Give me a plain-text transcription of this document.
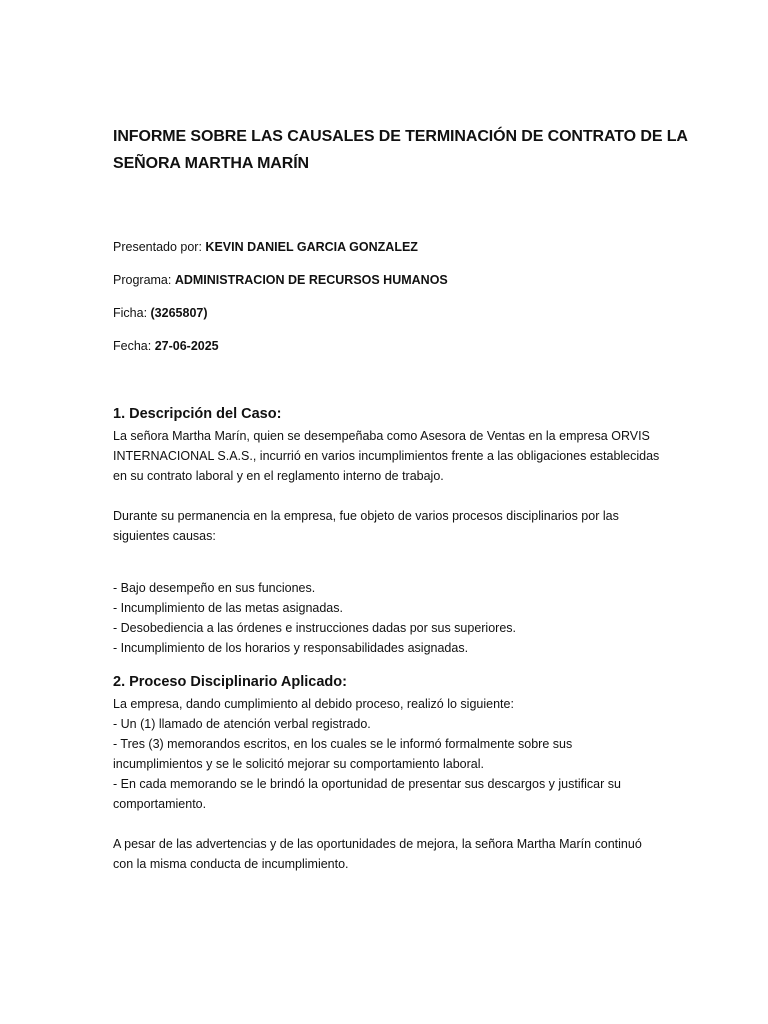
INFORME SOBRE LAS CAUSALES DE TERMINACIÓN DE CONTRATO DE LA
SEÑORA MARTHA MARÍN
Presentado por: KEVIN DANIEL GARCIA GONZALEZ
Programa: ADMINISTRACION DE RECURSOS HUMANOS
Ficha: (3265807)
Fecha: 27-06-2025
1. Descripción del Caso:
La señora Martha Marín, quien se desempeñaba como Asesora de Ventas en la empresa ORVIS
INTERNACIONAL S.A.S., incurrió en varios incumplimientos frente a las obligaciones establecidas
en su contrato laboral y en el reglamento interno de trabajo.
Durante su permanencia en la empresa, fue objeto de varios procesos disciplinarios por las
siguientes causas:
- Bajo desempeño en sus funciones.
- Incumplimiento de las metas asignadas.
- Desobediencia a las órdenes e instrucciones dadas por sus superiores.
- Incumplimiento de los horarios y responsabilidades asignadas.
2. Proceso Disciplinario Aplicado:
La empresa, dando cumplimiento al debido proceso, realizó lo siguiente:
- Un (1) llamado de atención verbal registrado.
- Tres (3) memorandos escritos, en los cuales se le informó formalmente sobre sus
incumplimientos y se le solicitó mejorar su comportamiento laboral.
- En cada memorando se le brindó la oportunidad de presentar sus descargos y justificar su
comportamiento.
A pesar de las advertencias y de las oportunidades de mejora, la señora Martha Marín continuó
con la misma conducta de incumplimiento.
